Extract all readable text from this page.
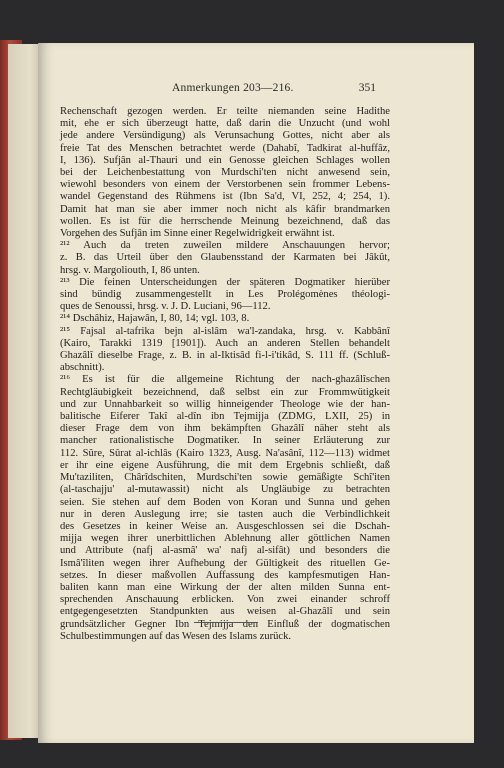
Anmerkungen 203—216.	351
Rechenschaft gezogen werden. Er teilte niemanden seine Hadithe
mit, ehe er sich überzeugt hatte, daß darin die Unzucht (und wohl
jede andere Versündigung) als Verunsachung Gottes, nicht aber als
freie Tat des Menschen betrachtet werde (Dahabî, Tadkirat al-huffâz,
I, 136). Sufjân al-Thauri und ein Genosse gleichen Schlages wollen
bei der Leichenbestattung von Murdschi'ten nicht anwesend sein,
wiewohl besonders von einem der Verstorbenen sein frommer Lebens-
wandel Gegenstand des Rühmens ist (Ibn Sa'd, VI, 252, 4; 254, 1).
Damit hat man sie aber immer noch nicht als kâfir brandmarken
wollen. Es ist für die herrschende Meinung bezeichnend, daß das
Vorgehen des Sufjân im Sinne einer Regelwidrigkeit erwähnt ist.
²¹² Auch da treten zuweilen mildere Anschauungen hervor;
z. B. das Urteil über den Glaubensstand der Karmaten bei Jâkût,
hrsg. v. Margoliouth, I, 86 unten.
²¹³ Die feinen Unterscheidungen der späteren Dogmatiker hierüber
sind bündig zusammengestellt in Les Prolégomènes théologi-
ques de Senoussi, hrsg. v. J. D. Luciani, 96—112.
²¹⁴ Dschâhiz, Hajawân, I, 80, 14; vgl. 103, 8.
²¹⁵ Fajsal al-tafrika bejn al-islâm wa'l-zandaka, hrsg. v. Kabbânî
(Kairo, Tarakki 1319 [1901]). Auch an anderen Stellen behandelt
Ghazâlî dieselbe Frage, z. B. in al-Iktisâd fi-l-i'tikâd, S. 111 ff. (Schluß-
abschnitt).
²¹⁶ Es ist für die allgemeine Richtung der nach-ghazâlîschen
Rechtgläubigkeit bezeichnend, daß selbst ein zur Frommwütigkeit
und zur Unnahbarkeit so willig hinneigender Theologe wie der han-
balitische Eiferer Takî al-dîn ibn Tejmijja (ZDMG, LXII, 25) in
dieser Frage dem von ihm bekämpften Ghazâlî näher steht als
mancher rationalistische Dogmatiker. In seiner Erläuterung zur
112. Sûre, Sûrat al-ichlâs (Kairo 1323, Ausg. Na'asânî, 112—113) widmet
er ihr eine eigene Ausführung, die mit dem Ergebnis schließt, daß
Mu'taziliten, Chârîdschiten, Murdschi'ten sowie gemäßigte Schî'iten
(al-taschajju' al-mutawassit) nicht als Ungläubige zu betrachten
seien. Sie stehen auf dem Boden von Koran und Sunna und gehen
nur in deren Auslegung irre; sie tasten auch die Verbindlichkeit
des Gesetzes in keiner Weise an. Ausgeschlossen sei die Dschah-
mijja wegen ihrer unerbittlichen Ablehnung aller göttlichen Namen
und Attribute (nafj al-asmâ' wa' nafj al-sifât) und besonders die
Ismâ'îliten wegen ihrer Aufhebung der Gültigkeit des rituellen Ge-
setzes. In dieser maßvollen Auffassung des kampfesmutigen Han-
baliten kann man eine Wirkung der der alten milden Sunna ent-
sprechenden Anschauung erblicken. Von zwei einander schroff
entgegengesetzten Standpunkten aus weisen al-Ghazâlî und sein
grundsätzlicher Gegner Ibn Tejmijja den Einfluß der dogmatischen
Schulbestimmungen auf das Wesen des Islams zurück.
